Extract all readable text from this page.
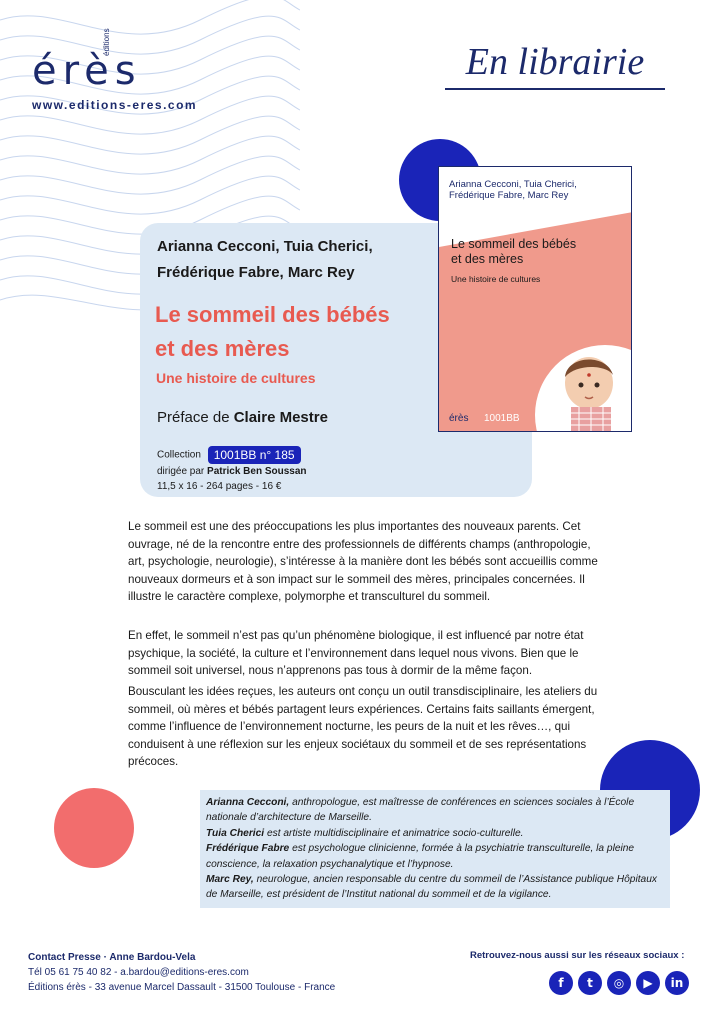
érès
éditions
www.editions-eres.com
En librairie
Arianna Cecconi, Tuia Cherici,
Frédérique Fabre, Marc Rey
Le sommeil des bébés
et des mères
Une histoire de cultures
Préface de Claire Mestre
Collection 1001BB n° 185
dirigée par Patrick Ben Soussan
11,5 x 16 - 264 pages - 16 €
Arianna Cecconi, Tuia Cherici,
Frédérique Fabre, Marc Rey
Le sommeil des bébés
et des mères
Une histoire de cultures
érès 1001BB
Le sommeil est une des préoccupations les plus importantes des nouveaux parents. Cet ouvrage, né de la rencontre entre des professionnels de différents champs (anthropologie, art, psychologie, neurologie), s’intéresse à la manière dont les bébés sont accueillis comme nouveaux dormeurs et à son impact sur le sommeil des mères, principales concernées. Il illustre le caractère complexe, polymorphe et transculturel du sommeil.
En effet, le sommeil n’est pas qu’un phénomène biologique, il est influencé par notre état psychique, la société, la culture et l’environnement dans lequel nous vivons. Bien que le sommeil soit universel, nous n’apprenons pas tous à dormir de la même façon.
Bousculant les idées reçues, les auteurs ont conçu un outil transdisciplinaire, les ateliers du sommeil, où mères et bébés partagent leurs expériences. Certains faits saillants émergent, comme l’influence de l’environnement nocturne, les peurs de la nuit et les rêves…, qui conduisent à une réflexion sur les enjeux sociétaux du sommeil et de ses représentations précoces.
Arianna Cecconi, anthropologue, est maîtresse de conférences en sciences sociales à l’École nationale d’architecture de Marseille.
Tuia Cherici est artiste multidisciplinaire et animatrice socio-culturelle.
Frédérique Fabre est psychologue clinicienne, formée à la psychiatrie transculturelle, la pleine conscience, la relaxation psychanalytique et l’hypnose.
Marc Rey, neurologue, ancien responsable du centre du sommeil de l’Assistance publique Hôpitaux de Marseille, est président de l’Institut national du sommeil et de la vigilance.
Contact Presse · Anne Bardou-Vela
Tél 05 61 75 40 82 - a.bardou@editions-eres.com
Éditions érès - 33 avenue Marcel Dassault - 31500 Toulouse - France
Retrouvez-nous aussi sur les réseaux sociaux :
f	t	◎	▶	in
